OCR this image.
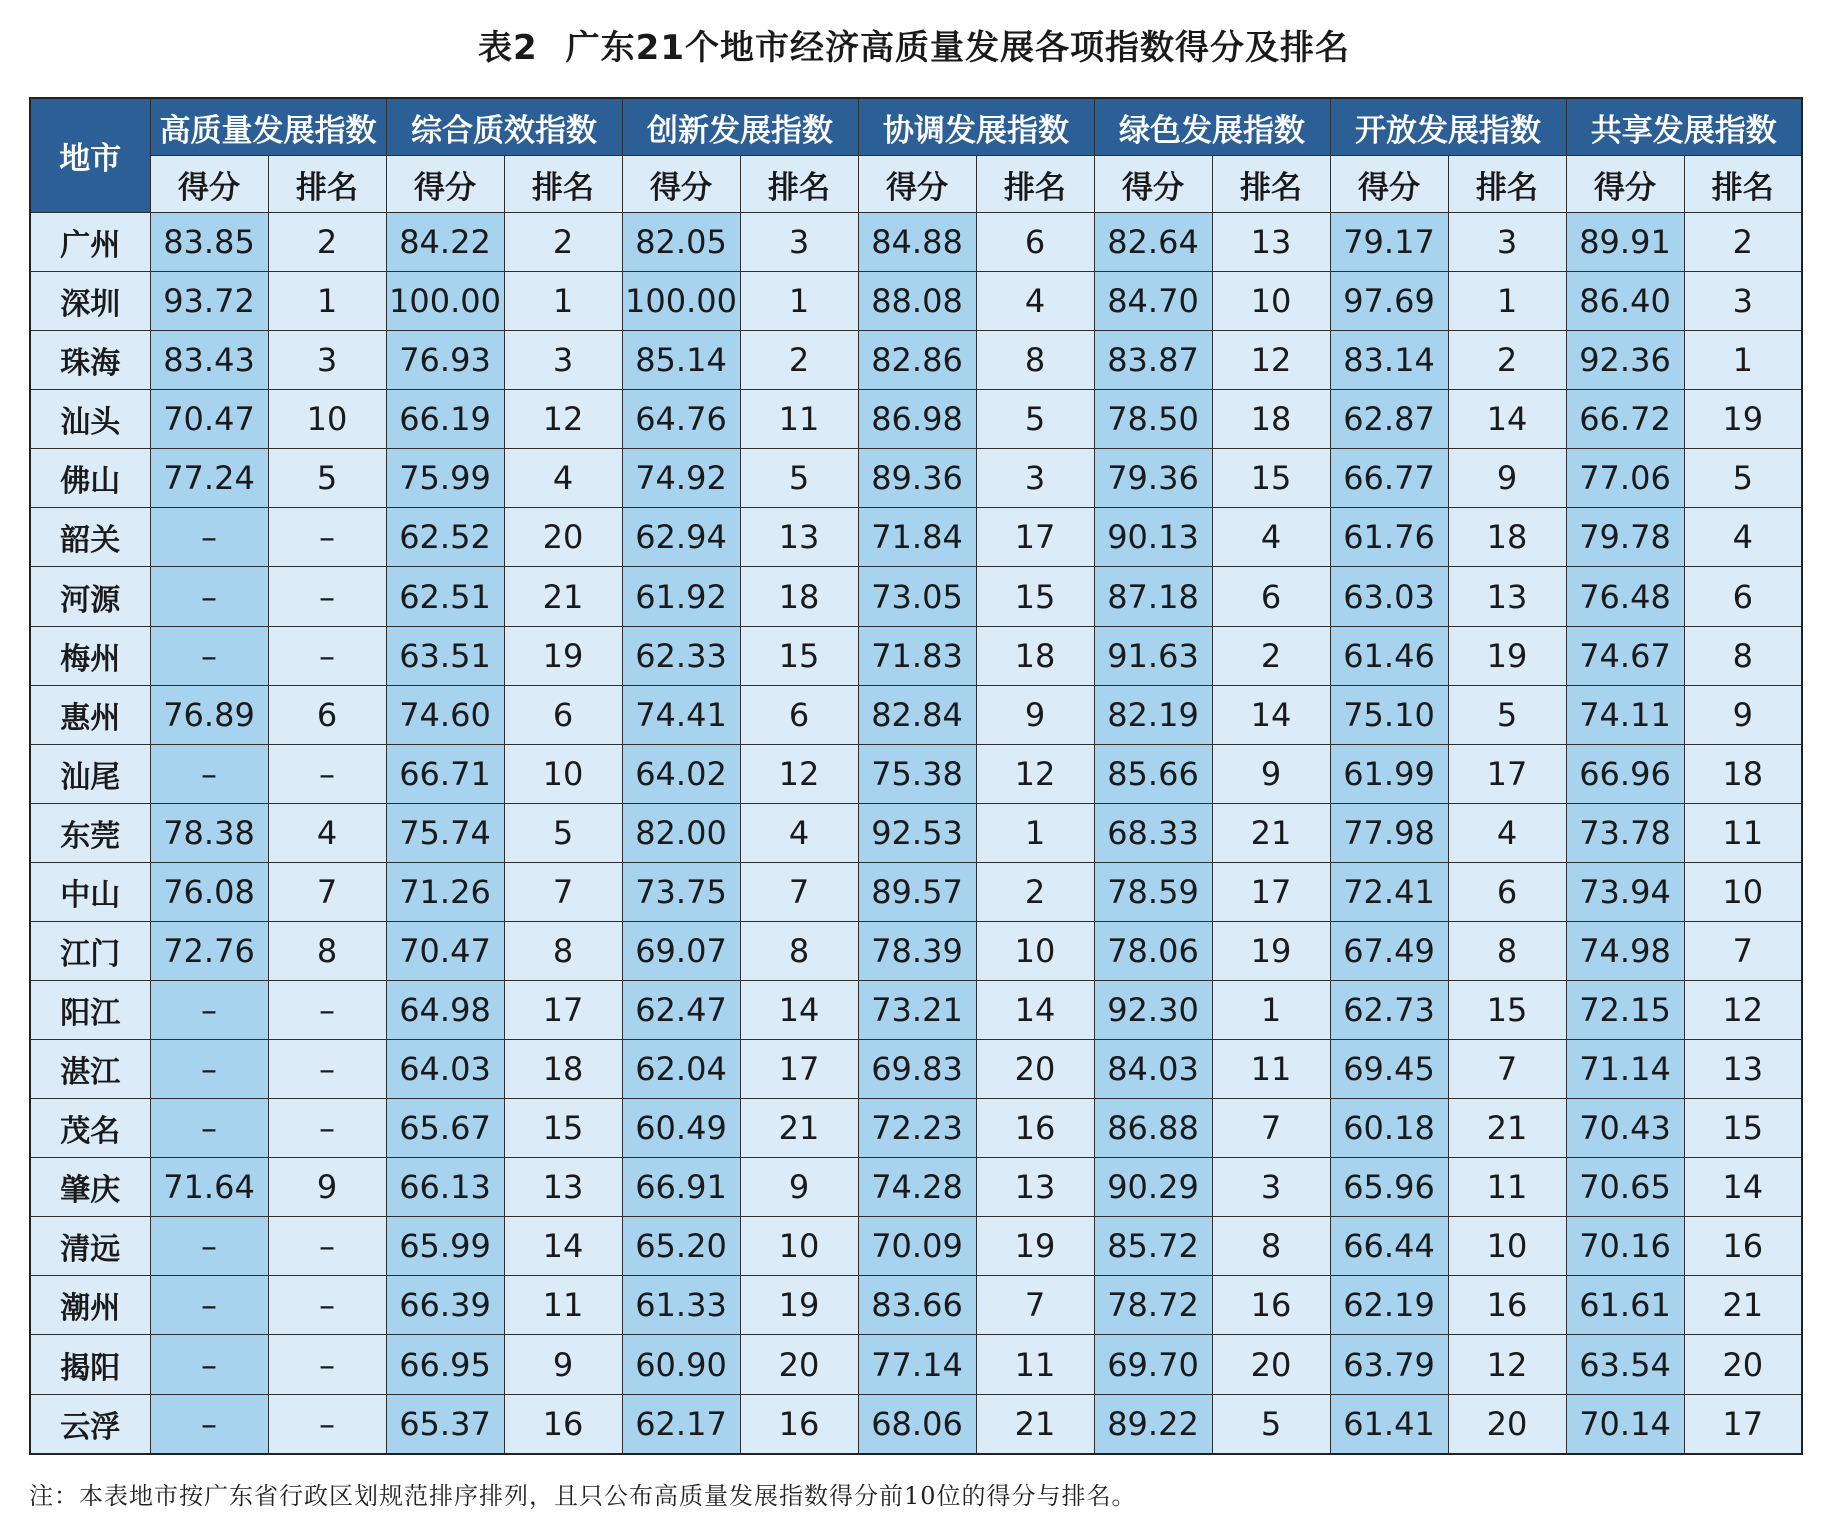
表2 广东21个地市经济高质量发展各项指数得分及排名
地市	高质量发展指数		综合质效指数		创新发展指数		协调发展指数		绿色发展指数		开放发展指数		共享发展指数	
	得分	排名	得分	排名	得分	排名	得分	排名	得分	排名	得分	排名	得分	排名
广州	83.85	2	84.22	2	82.05	3	84.88	6	82.64	13	79.17	3	89.91	2
深圳	93.72	1	100.00	1	100.00	1	88.08	4	84.70	10	97.69	1	86.40	3
珠海	83.43	3	76.93	3	85.14	2	82.86	8	83.87	12	83.14	2	92.36	1
汕头	70.47	10	66.19	12	64.76	11	86.98	5	78.50	18	62.87	14	66.72	19
佛山	77.24	5	75.99	4	74.92	5	89.36	3	79.36	15	66.77	9	77.06	5
韶关	–	–	62.52	20	62.94	13	71.84	17	90.13	4	61.76	18	79.78	4
河源	–	–	62.51	21	61.92	18	73.05	15	87.18	6	63.03	13	76.48	6
梅州	–	–	63.51	19	62.33	15	71.83	18	91.63	2	61.46	19	74.67	8
惠州	76.89	6	74.60	6	74.41	6	82.84	9	82.19	14	75.10	5	74.11	9
汕尾	–	–	66.71	10	64.02	12	75.38	12	85.66	9	61.99	17	66.96	18
东莞	78.38	4	75.74	5	82.00	4	92.53	1	68.33	21	77.98	4	73.78	11
中山	76.08	7	71.26	7	73.75	7	89.57	2	78.59	17	72.41	6	73.94	10
江门	72.76	8	70.47	8	69.07	8	78.39	10	78.06	19	67.49	8	74.98	7
阳江	–	–	64.98	17	62.47	14	73.21	14	92.30	1	62.73	15	72.15	12
湛江	–	–	64.03	18	62.04	17	69.83	20	84.03	11	69.45	7	71.14	13
茂名	–	–	65.67	15	60.49	21	72.23	16	86.88	7	60.18	21	70.43	15
肇庆	71.64	9	66.13	13	66.91	9	74.28	13	90.29	3	65.96	11	70.65	14
清远	–	–	65.99	14	65.20	10	70.09	19	85.72	8	66.44	10	70.16	16
潮州	–	–	66.39	11	61.33	19	83.66	7	78.72	16	62.19	16	61.61	21
揭阳	–	–	66.95	9	60.90	20	77.14	11	69.70	20	63.79	12	63.54	20
云浮	–	–	65.37	16	62.17	16	68.06	21	89.22	5	61.41	20	70.14	17
注：本表地市按广东省行政区划规范排序排列，且只公布高质量发展指数得分前10位的得分与排名。
